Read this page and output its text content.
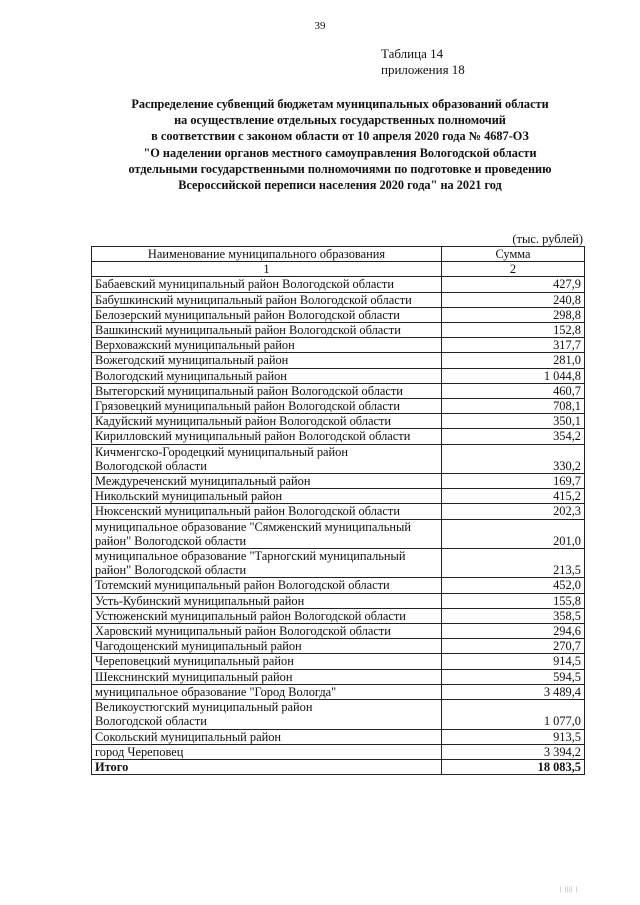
39
Таблица 14
приложения 18
Распределение субвенций бюджетам муниципальных образований области
на осуществление отдельных государственных полномочий
в соответствии с законом области от 10 апреля 2020 года № 4687-ОЗ
"О наделении органов местного самоуправления Вологодской области
отдельными государственными полномочиями по подготовке и проведению
Всероссийской переписи населения 2020 года" на 2021 год
(тыс. рублей)
Наименование муниципального образования	Сумма
1	2

Бабаевский муниципальный район Вологодской области	427,9

Бабушкинский муниципальный район Вологодской области	240,8

Белозерский муниципальный район Вологодской области	298,8

Вашкинский муниципальный район Вологодской области	152,8

Верховажский муниципальный район	317,7

Вожегодский муниципальный район	281,0

Вологодский муниципальный район	1 044,8

Вытегорский муниципальный район Вологодской области	460,7

Грязовецкий муниципальный район Вологодской области	708,1

Кадуйский муниципальный район Вологодской области	350,1

Кирилловский муниципальный район Вологодской области	354,2

Кичменгско-Городецкий муниципальный район
Вологодской области	330,2

Междуреченский муниципальный район	169,7

Никольский муниципальный район	415,2

Нюксенский муниципальный район Вологодской области	202,3

муниципальное образование "Сямженский муниципальный
район" Вологодской области	201,0

муниципальное образование "Тарногский муниципальный
район" Вологодской области	213,5

Тотемский муниципальный район Вологодской области	452,0

Усть-Кубинский муниципальный район	155,8

Устюженский муниципальный район Вологодской области	358,5

Харовский муниципальный район Вологодской области	294,6

Чагодощенский муниципальный район	270,7

Череповецкий муниципальный район	914,5

Шекснинский муниципальный район	594,5

муниципальное образование "Город Вологда"	3 489,4

Великоустюгский муниципальный район
Вологодской области	1 077,0

Сокольский муниципальный район	913,5

город Череповец	3 394,2
Итого	18 083,5
| |||| |
